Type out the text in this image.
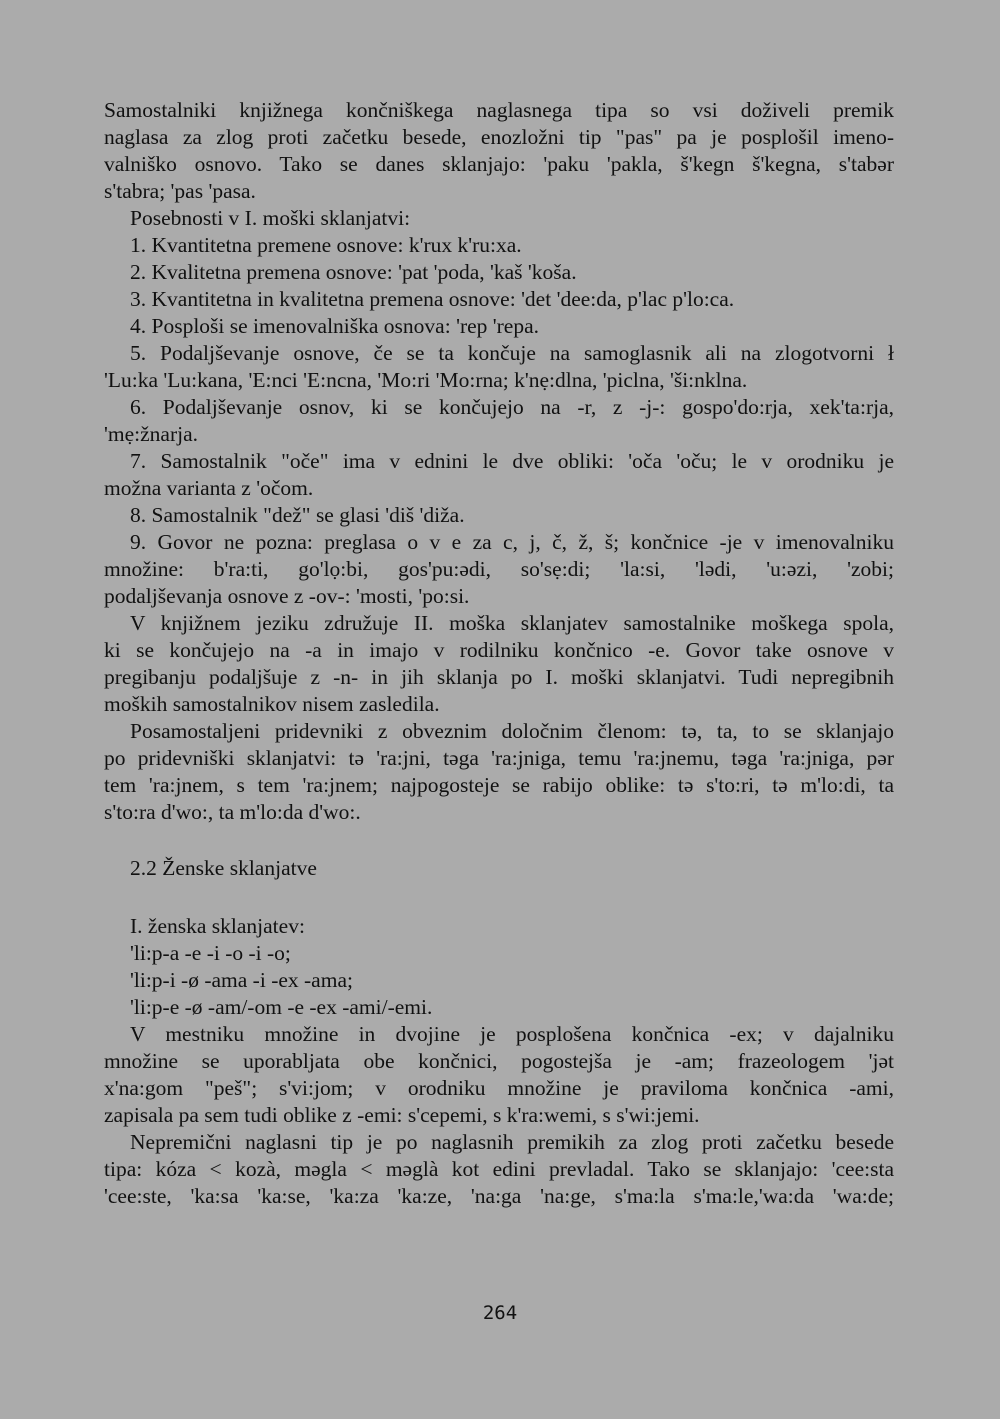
Samostalniki knjižnega končniškega naglasnega tipa so vsi doživeli premik
naglasa za zlog proti začetku besede, enozložni tip "pas" pa je posplošil imeno-
valniško osnovo. Tako se danes sklanjajo: 'paku 'pakla, š'kegn š'kegna, s'tabər
s'tabra; 'pas 'pasa.
Posebnosti v I. moški sklanjatvi:
1. Kvantitetna premene osnove: k'rux k'ru:xa.
2. Kvalitetna premena osnove: 'pat 'poda, 'kaš 'koša.
3. Kvantitetna in kvalitetna premena osnove: 'det 'dee:da, p'lac p'lo:ca.
4. Posploši se imenovalniška osnova: 'rep 'repa.
5. Podaljševanje osnove, če se ta končuje na samoglasnik ali na zlogotvorni ł
'Lu:ka 'Lu:kana, 'E:nci 'E:ncna, 'Mo:ri 'Mo:rna; k'nẹ:dlna, 'piclna, 'ši:nklna.
6. Podaljševanje osnov, ki se končujejo na -r, z -j-: gospo'do:rja, xek'ta:rja,
'mẹ:žnarja.
7. Samostalnik "oče" ima v ednini le dve obliki: 'oča 'oču; le v orodniku je
možna varianta z 'očom.
8. Samostalnik "dež" se glasi 'diš 'diža.
9. Govor ne pozna: preglasa o v e za c, j, č, ž, š; končnice -je v imenovalniku
množine: b'ra:ti, go'lọ:bi, gos'pu:ədi, so'sẹ:di; 'la:si, 'lədi, 'u:əzi, 'zobi;
podaljševanja osnove z -ov-: 'mosti, 'po:si.
V knjižnem jeziku združuje II. moška sklanjatev samostalnike moškega spola,
ki se končujejo na -a in imajo v rodilniku končnico -e. Govor take osnove v
pregibanju podaljšuje z -n- in jih sklanja po I. moški sklanjatvi. Tudi nepregibnih
moških samostalnikov nisem zasledila.
Posamostaljeni pridevniki z obveznim določnim členom: tə, ta, to se sklanjajo
po pridevniški sklanjatvi: tə 'ra:jni, təga 'ra:jniga, temu 'ra:jnemu, təga 'ra:jniga, pər
tem 'ra:jnem, s tem 'ra:jnem; najpogosteje se rabijo oblike: tə s'to:ri, tə m'lo:di, ta
s'to:ra d'wo:, ta m'lo:da d'wo:.
2.2 Ženske sklanjatve
I. ženska sklanjatev:
'li:p-a -e -i -o -i -o;
'li:p-i -ø -ama -i -ex -ama;
'li:p-e -ø -am/-om -e -ex -ami/-emi.
V mestniku množine in dvojine je posplošena končnica -ex; v dajalniku
množine se uporabljata obe končnici, pogostejša je -am; frazeologem 'jət
x'na:gom "peš"; s'vi:jom; v orodniku množine je praviloma končnica -ami,
zapisala pa sem tudi oblike z -emi: s'cepemi, s k'ra:wemi, s s'wi:jemi.
Nepremični naglasni tip je po naglasnih premikih za zlog proti začetku besede
tipa: kóza < kozà, məgla < məglà kot edini prevladal. Tako se sklanjajo: 'cee:sta
'cee:ste, 'ka:sa 'ka:se, 'ka:za 'ka:ze, 'na:ga 'na:ge, s'ma:la s'ma:le,'wa:da 'wa:de;
264
